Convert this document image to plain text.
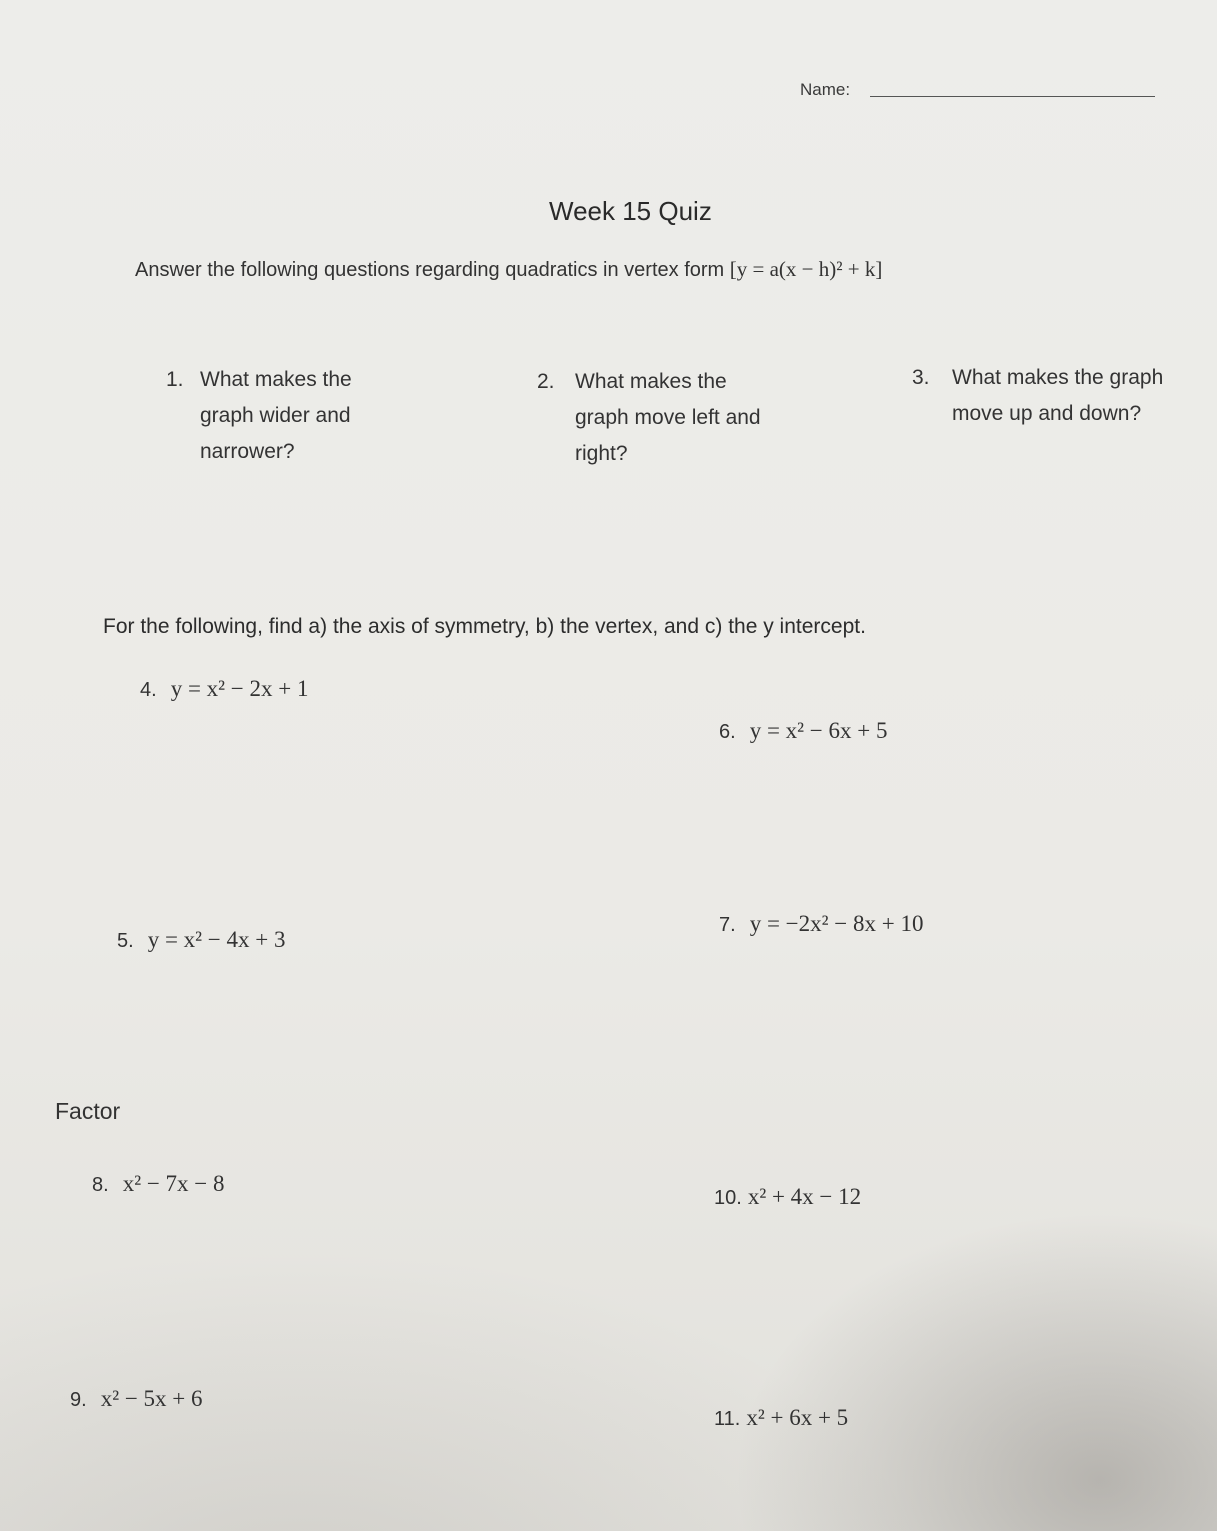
Name:
Week 15 Quiz
Answer the following questions regarding quadratics in vertex form [y = a(x − h)² + k]
1. What makes the graph wider and narrower?
2. What makes the graph move left and right?
3. What makes the graph move up and down?
For the following, find a) the axis of symmetry, b) the vertex, and c) the y intercept.
4. y = x² − 2x + 1
5. y = x² − 4x + 3
6. y = x² − 6x + 5
7. y = −2x² − 8x + 10
Factor
8. x² − 7x − 8
9. x² − 5x + 6
10. x² + 4x − 12
11. x² + 6x + 5
